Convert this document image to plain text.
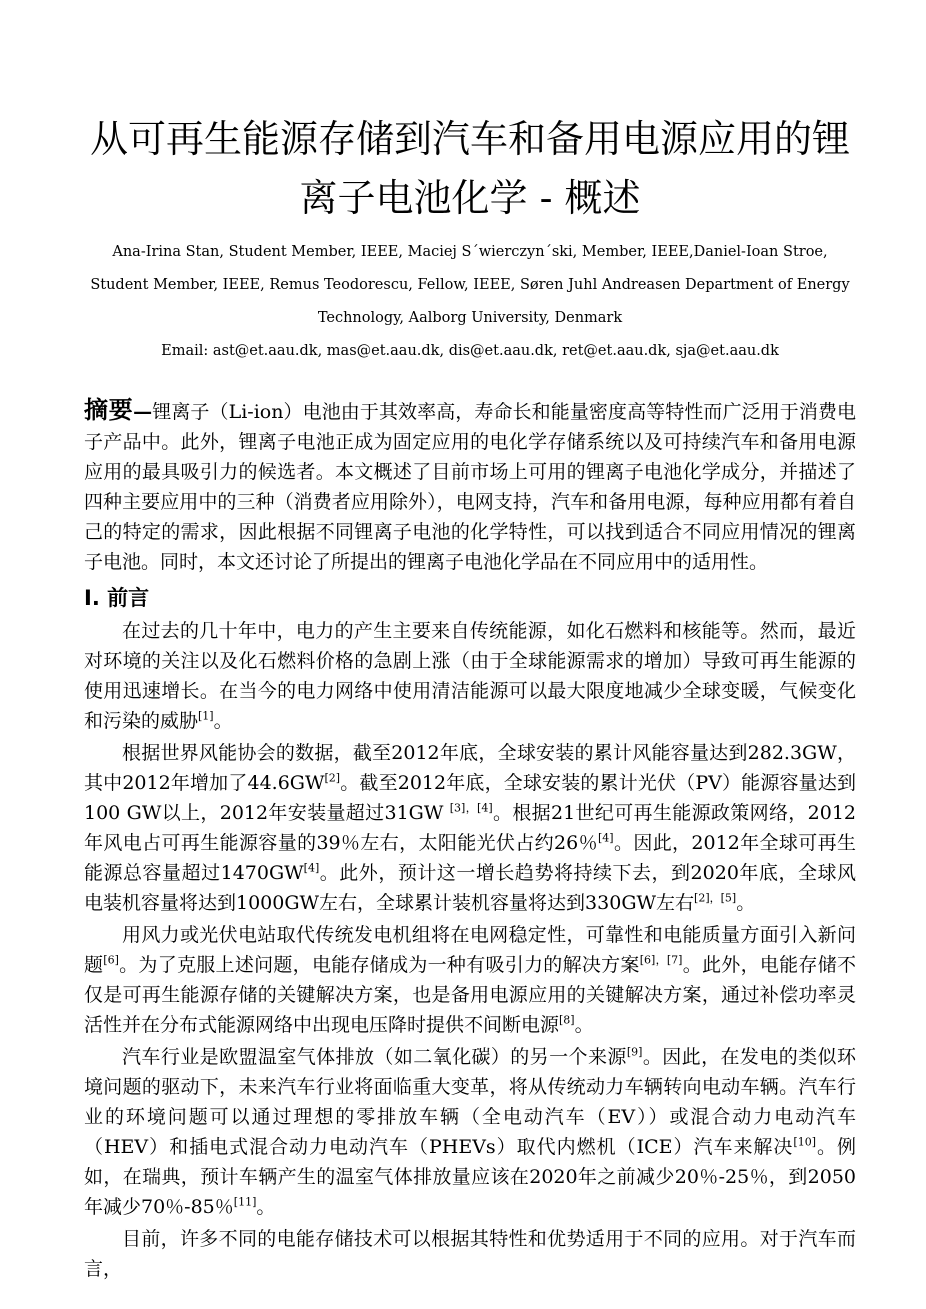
从可再生能源存储到汽车和备用电源应用的锂离子电池化学 - 概述

Ana-Irina Stan, Student Member, IEEE, Maciej S´wierczyn´ski, Member, IEEE,Daniel-Ioan Stroe, Student Member, IEEE, Remus Teodorescu, Fellow, IEEE, Søren Juhl Andreasen Department of Energy Technology, Aalborg University, Denmark

Email: ast@et.aau.dk, mas@et.aau.dk, dis@et.aau.dk, ret@et.aau.dk, sja@et.aau.dk

摘要—锂离子（Li-ion）电池由于其效率高，寿命长和能量密度高等特性而广泛用于消费电子产品中。此外，锂离子电池正成为固定应用的电化学存储系统以及可持续汽车和备用电源应用的最具吸引力的候选者。本文概述了目前市场上可用的锂离子电池化学成分，并描述了四种主要应用中的三种（消费者应用除外），电网支持，汽车和备用电源，每种应用都有着自己的特定的需求，因此根据不同锂离子电池的化学特性，可以找到适合不同应用情况的锂离子电池。同时，本文还讨论了所提出的锂离子电池化学品在不同应用中的适用性。

I. 前言

在过去的几十年中，电力的产生主要来自传统能源，如化石燃料和核能等。然而，最近对环境的关注以及化石燃料价格的急剧上涨（由于全球能源需求的增加）导致可再生能源的使用迅速增长。在当今的电力网络中使用清洁能源可以最大限度地减少全球变暖，气候变化和污染的威胁[1]。

根据世界风能协会的数据，截至2012年底，全球安装的累计风能容量达到282.3GW，其中2012年增加了44.6GW[2]。截至2012年底，全球安装的累计光伏（PV）能源容量达到100 GW以上，2012年安装量超过31GW [3]，[4]。根据21世纪可再生能源政策网络，2012年风电占可再生能源容量的39％左右，太阳能光伏占约26％[4]。因此，2012年全球可再生能源总容量超过1470GW[4]。此外，预计这一增长趋势将持续下去，到2020年底，全球风电装机容量将达到1000GW左右，全球累计装机容量将达到330GW左右[2]，[5]。

用风力或光伏电站取代传统发电机组将在电网稳定性，可靠性和电能质量方面引入新问题[6]。为了克服上述问题，电能存储成为一种有吸引力的解决方案[6]，[7]。此外，电能存储不仅是可再生能源存储的关键解决方案，也是备用电源应用的关键解决方案，通过补偿功率灵活性并在分布式能源网络中出现电压降时提供不间断电源[8]。

汽车行业是欧盟温室气体排放（如二氧化碳）的另一个来源[9]。因此，在发电的类似环境问题的驱动下，未来汽车行业将面临重大变革，将从传统动力车辆转向电动车辆。汽车行业的环境问题可以通过理想的零排放车辆（全电动汽车（EV））或混合动力电动汽车（HEV）和插电式混合动力电动汽车（PHEVs）取代内燃机（ICE）汽车来解决[10]。例如，在瑞典，预计车辆产生的温室气体排放量应该在2020年之前减少20％-25％，到2050年减少70％-85％[11]。

目前，许多不同的电能存储技术可以根据其特性和优势适用于不同的应用。对于汽车而言，
